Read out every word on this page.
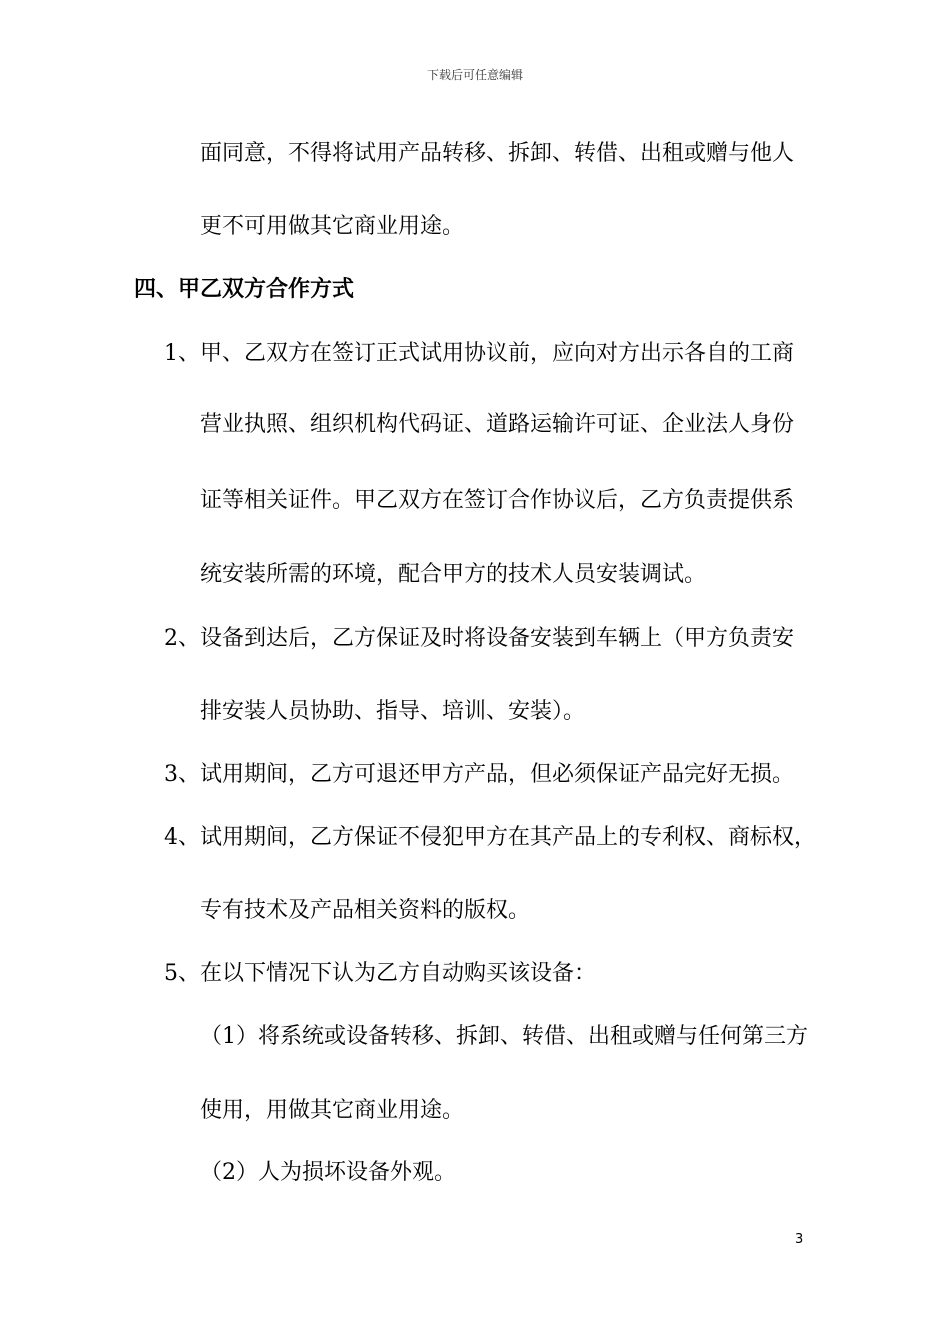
下载后可任意编辑
面同意，不得将试用产品转移、拆卸、转借、出租或赠与他人
更不可用做其它商业用途。
四、甲乙双方合作方式
1、甲、乙双方在签订正式试用协议前，应向对方出示各自的工商
营业执照、组织机构代码证、道路运输许可证、企业法人身份
证等相关证件。甲乙双方在签订合作协议后，乙方负责提供系
统安装所需的环境，配合甲方的技术人员安装调试。
2、设备到达后，乙方保证及时将设备安装到车辆上（甲方负责安
排安装人员协助、指导、培训、安装）。
3、试用期间，乙方可退还甲方产品，但必须保证产品完好无损。
4、试用期间，乙方保证不侵犯甲方在其产品上的专利权、商标权，
专有技术及产品相关资料的版权。
5、在以下情况下认为乙方自动购买该设备：
（1）将系统或设备转移、拆卸、转借、出租或赠与任何第三方
使用，用做其它商业用途。
（2）人为损坏设备外观。
3
